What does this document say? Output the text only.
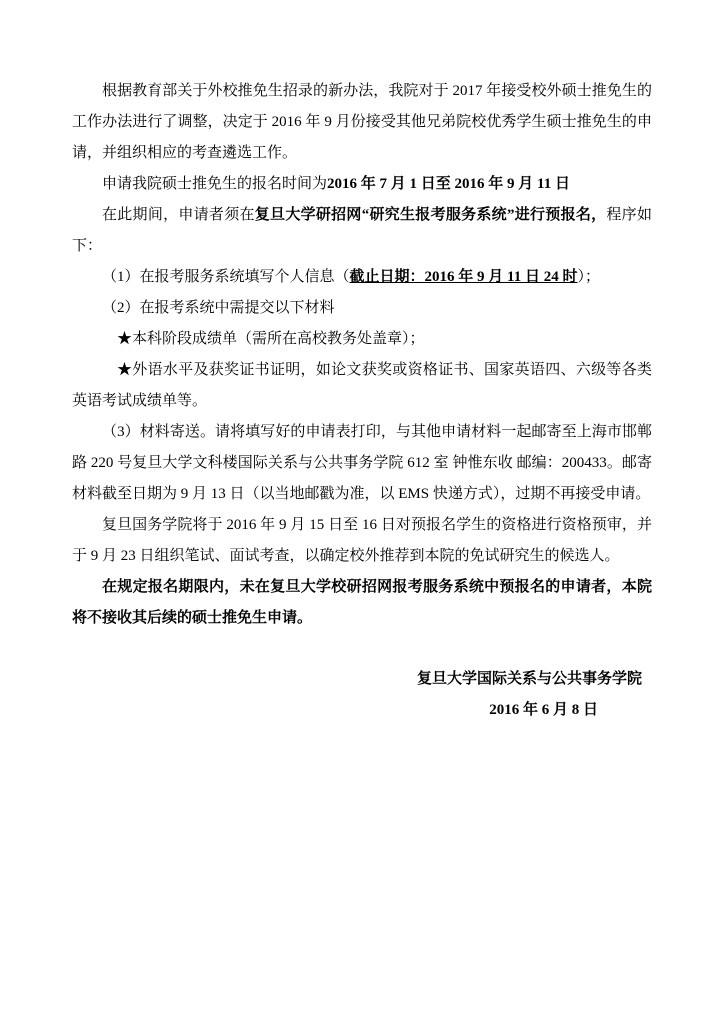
根据教育部关于外校推免生招录的新办法，我院对于 2017 年接受校外硕士推免生的工作办法进行了调整，决定于 2016 年 9 月份接受其他兄弟院校优秀学生硕士推免生的申请，并组织相应的考查遴选工作。

申请我院硕士推免生的报名时间为2016 年 7 月 1 日至 2016 年 9 月 11 日

在此期间，申请者须在复旦大学研招网“研究生报考服务系统”进行预报名，程序如下：

（1）在报考服务系统填写个人信息（截止日期：2016 年 9 月 11 日 24 时）；

（2）在报考系统中需提交以下材料

★本科阶段成绩单（需所在高校教务处盖章）；

★外语水平及获奖证书证明，如论文获奖或资格证书、国家英语四、六级等各类英语考试成绩单等。

（3）材料寄送。请将填写好的申请表打印，与其他申请材料一起邮寄至上海市邯郸路 220 号复旦大学文科楼国际关系与公共事务学院 612 室 钟惟东收 邮编：200433。邮寄材料截至日期为 9 月 13 日（以当地邮戳为准，以 EMS 快递方式），过期不再接受申请。

复旦国务学院将于 2016 年 9 月 15 日至 16 日对预报名学生的资格进行资格预审，并于 9 月 23 日组织笔试、面试考查，以确定校外推荐到本院的免试研究生的候选人。

在规定报名期限内，未在复旦大学校研招网报考服务系统中预报名的申请者，本院将不接收其后续的硕士推免生申请。

复旦大学国际关系与公共事务学院
2016 年 6 月 8 日
